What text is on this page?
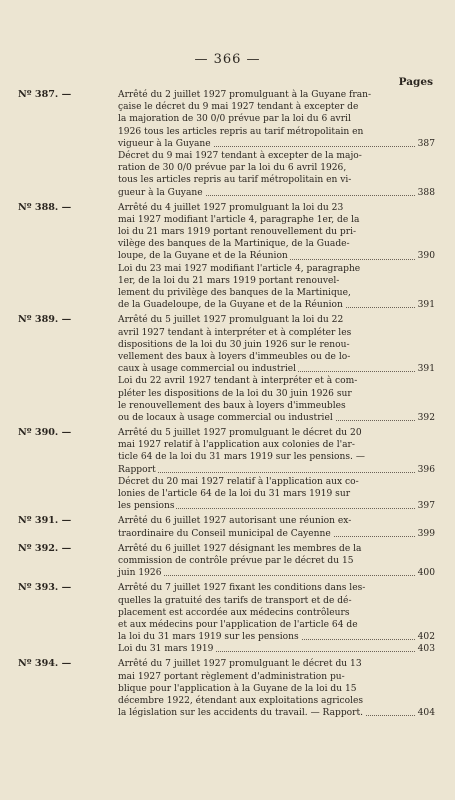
— 366 —
Pages
Nº 387. —	Arrêté du 2 juillet 1927 promulguant à la Guyane fran-
çaise le décret du 9 mai 1927 tendant à excepter de
la majoration de 30 0/0 prévue par la loi du 6 avril
1926 tous les articles repris au tarif métropolitain en
vigueur à la Guyane	387
Décret du 9 mai 1927 tendant à excepter de la majo-
ration de 30 0/0 prévue par la loi du 6 avril 1926,
tous les articles repris au tarif métropolitain en vi-
gueur à la Guyane	388
Nº 388. —	Arrêté du 4 juillet 1927 promulguant la loi du 23
mai 1927 modifiant l'article 4, paragraphe 1er, de la
loi du 21 mars 1919 portant renouvellement du pri-
vilège des banques de la Martinique, de la Guade-
loupe, de la Guyane et de la Réunion	390
Loi du 23 mai 1927 modifiant l'article 4, paragraphe
1er, de la loi du 21 mars 1919 portant renouvel-
lement du privilège des banques de la Martinique,
de la Guadeloupe, de la Guyane et de la Réunion	391
Nº 389. —	Arrêté du 5 juillet 1927 promulguant la loi du 22
avril 1927 tendant à interpréter et à compléter les
dispositions de la loi du 30 juin 1926 sur le renou-
vellement des baux à loyers d'immeubles ou de lo-
caux à usage commercial ou industriel	391
Loi du 22 avril 1927 tendant à interpréter et à com-
pléter les dispositions de la loi du 30 juin 1926 sur
le renouvellement des baux à loyers d'immeubles
ou de locaux à usage commercial ou industriel	392
Nº 390. —	Arrêté du 5 juillet 1927 promulguant le décret du 20
mai 1927 relatif à l'application aux colonies de l'ar-
ticle 64 de la loi du 31 mars 1919 sur les pensions. —
Rapport	396
Décret du 20 mai 1927 relatif à l'application aux co-
lonies de l'article 64 de la loi du 31 mars 1919 sur
les pensions	397
Nº 391. —	Arrêté du 6 juillet 1927 autorisant une réunion ex-
traordinaire du Conseil municipal de Cayenne	399
Nº 392. —	Arrêté du 6 juillet 1927 désignant les membres de la
commission de contrôle prévue par le décret du 15
juin 1926	400
Nº 393. —	Arrêté du 7 juillet 1927 fixant les conditions dans les-
quelles la gratuité des tarifs de transport et de dé-
placement est accordée aux médecins contrôleurs
et aux médecins pour l'application de l'article 64 de
la loi du 31 mars 1919 sur les pensions	402
Loi du 31 mars 1919	403
Nº 394. —	Arrêté du 7 juillet 1927 promulguant le décret du 13
mai 1927 portant règlement d'administration pu-
blique pour l'application à la Guyane de la loi du 15
décembre 1922, étendant aux exploitations agricoles
la législation sur les accidents du travail. — Rapport.	404
